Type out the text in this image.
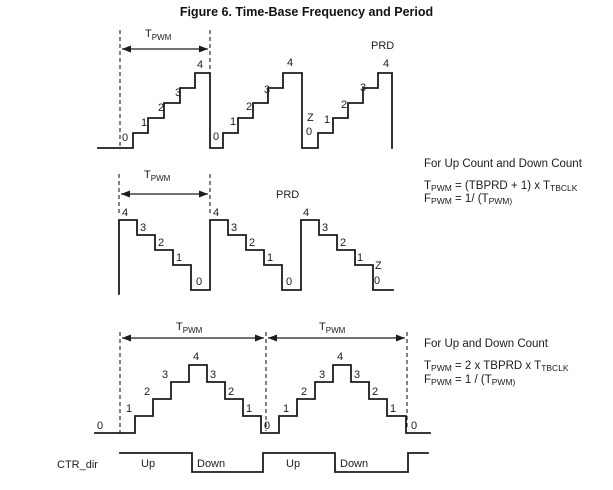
Figure 6. Time-Base Frequency and Period
$T_{PWM}$
0
1
2
3
4
0
1
2
3
4
Z
0
1
2
3
4
PRD
$T_{PWM}$
4
3
2
1
0
4
3
2
1
0
PRD
4
3
2
1
Z
0
$T_{PWM}$	$T_{PWM}$
0
1
2
3
4
3
2
1
0
1
2
3
4
3
2
1
0
CTR_dir	Up	Down	Up	Down
For Up Count and Down Count
$T_{PWM}$ = (TBPRD + 1) x $T_{TBCLK}$
$F_{PWM} = 1/$ ($T_{PWM)}$
For Up and Down Count
$T_{PWM} = 2$ x TBPRD x $T_{TBCLK}$
$F_{PWM} = 1 / (T_{PWM)}$
